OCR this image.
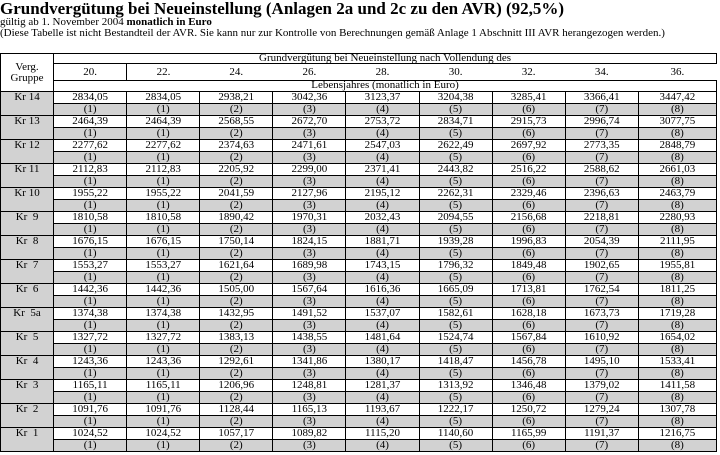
Grundvergütung bei Neueinstellung (Anlagen 2a und 2c zu den AVR) (92,5%)
gültig ab 1. November 2004 monatlich in Euro
(Diese Tabelle ist nicht Bestandteil der AVR. Sie kann nur zur Kontrolle von Berechnungen gemäß Anlage 1 Abschnitt III AVR herangezogen werden.)
Verg.
Gruppe	Grundvergütung bei Neueinstellung nach Vollendung des								
	20.	22.	24.	26.	28.	30.	32.	34.	36.
	Lebensjahres (monatlich in Euro)								
Kr 14	2834,05	2834,05	2938,21	3042,36	3123,37	3204,38	3285,41	3366,41	3447,42
	(1)	(1)	(2)	(3)	(4)	(5)	(6)	(7)	(8)
Kr 13	2464,39	2464,39	2568,55	2672,70	2753,72	2834,71	2915,73	2996,74	3077,75
	(1)	(1)	(2)	(3)	(4)	(5)	(6)	(7)	(8)
Kr 12	2277,62	2277,62	2374,63	2471,61	2547,03	2622,49	2697,92	2773,35	2848,79
	(1)	(1)	(2)	(3)	(4)	(5)	(6)	(7)	(8)
Kr 11	2112,83	2112,83	2205,92	2299,00	2371,41	2443,82	2516,22	2588,62	2661,03
	(1)	(1)	(2)	(3)	(4)	(5)	(6)	(7)	(8)
Kr 10	1955,22	1955,22	2041,59	2127,96	2195,12	2262,31	2329,46	2396,63	2463,79
	(1)	(1)	(2)	(3)	(4)	(5)	(6)	(7)	(8)
Kr  9	1810,58	1810,58	1890,42	1970,31	2032,43	2094,55	2156,68	2218,81	2280,93
	(1)	(1)	(2)	(3)	(4)	(5)	(6)	(7)	(8)
Kr  8	1676,15	1676,15	1750,14	1824,15	1881,71	1939,28	1996,83	2054,39	2111,95
	(1)	(1)	(2)	(3)	(4)	(5)	(6)	(7)	(8)
Kr  7	1553,27	1553,27	1621,64	1689,98	1743,15	1796,32	1849,48	1902,65	1955,81
	(1)	(1)	(2)	(3)	(4)	(5)	(6)	(7)	(8)
Kr  6	1442,36	1442,36	1505,00	1567,64	1616,36	1665,09	1713,81	1762,54	1811,25
	(1)	(1)	(2)	(3)	(4)	(5)	(6)	(7)	(8)
Kr  5a	1374,38	1374,38	1432,95	1491,52	1537,07	1582,61	1628,18	1673,73	1719,28
	(1)	(1)	(2)	(3)	(4)	(5)	(6)	(7)	(8)
Kr  5	1327,72	1327,72	1383,13	1438,55	1481,64	1524,74	1567,84	1610,92	1654,02
	(1)	(1)	(2)	(3)	(4)	(5)	(6)	(7)	(8)
Kr  4	1243,36	1243,36	1292,61	1341,86	1380,17	1418,47	1456,78	1495,10	1533,41
	(1)	(1)	(2)	(3)	(4)	(5)	(6)	(7)	(8)
Kr  3	1165,11	1165,11	1206,96	1248,81	1281,37	1313,92	1346,48	1379,02	1411,58
	(1)	(1)	(2)	(3)	(4)	(5)	(6)	(7)	(8)
Kr  2	1091,76	1091,76	1128,44	1165,13	1193,67	1222,17	1250,72	1279,24	1307,78
	(1)	(1)	(2)	(3)	(4)	(5)	(6)	(7)	(8)
Kr  1	1024,52	1024,52	1057,17	1089,82	1115,20	1140,60	1165,99	1191,37	1216,75
	(1)	(1)	(2)	(3)	(4)	(5)	(6)	(7)	(8)
